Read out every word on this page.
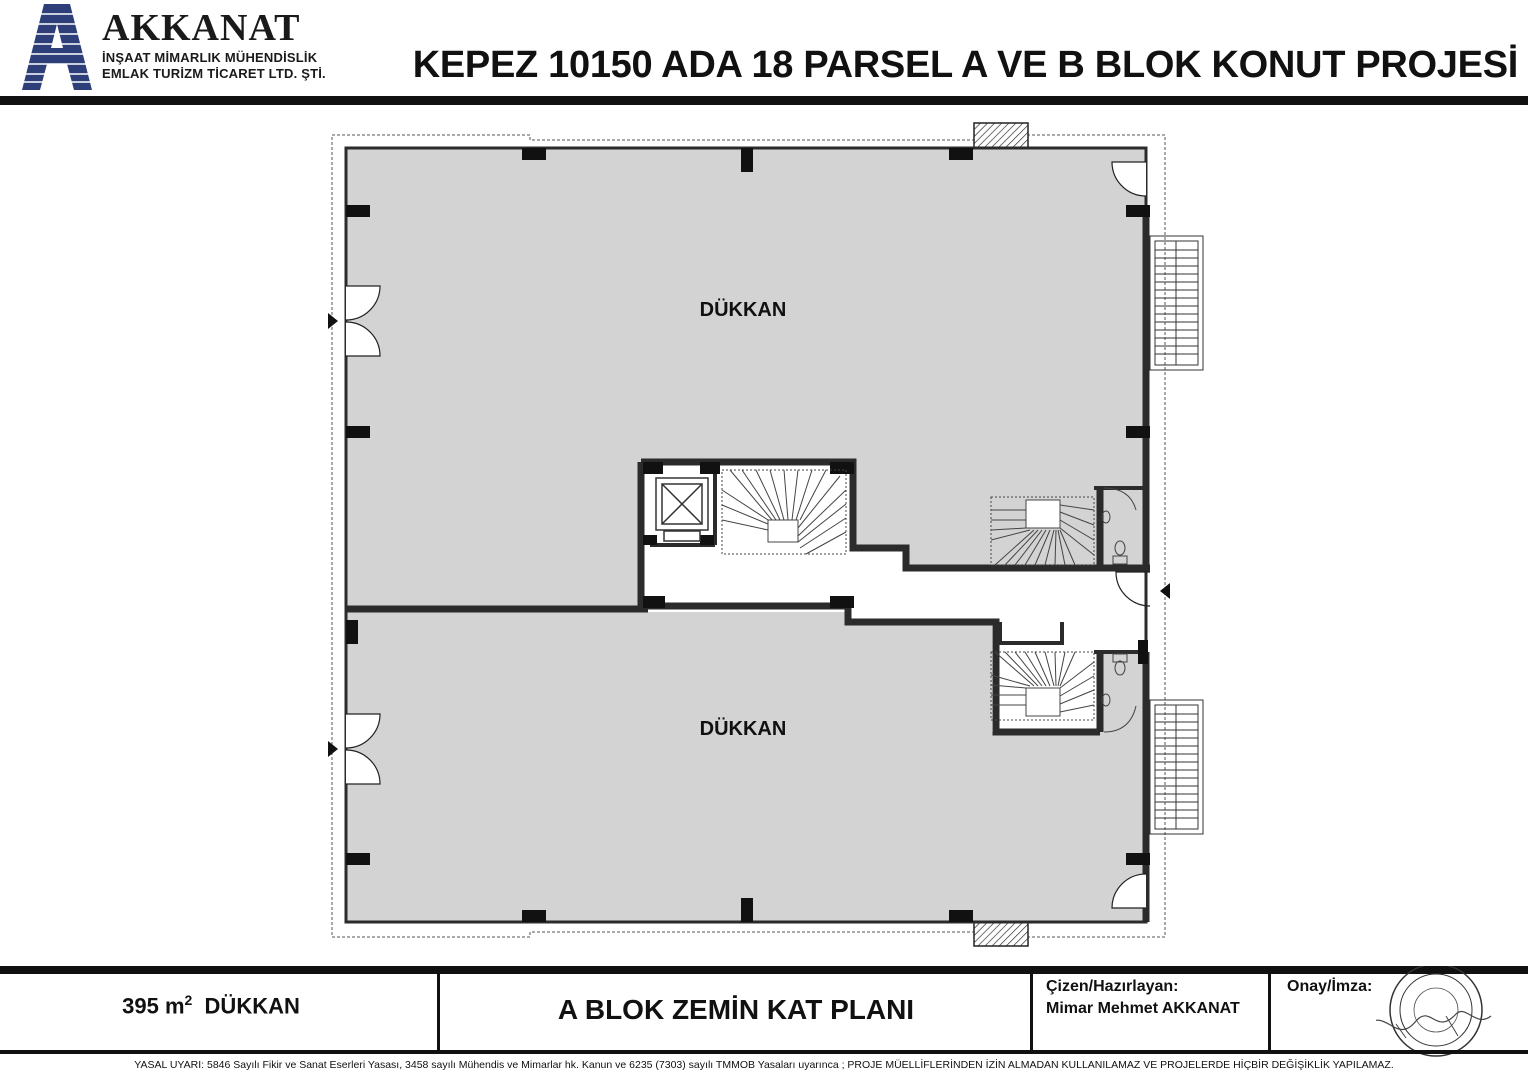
AKKANAT
İNŞAAT MİMARLIK MÜHENDİSLİK
EMLAK TURİZM TİCARET LTD. ŞTİ. KEPEZ 10150 ADA 18 PARSEL A VE B BLOK KONUT PROJESİ
DÜKKAN
DÜKKAN
395 $m^2$ DÜKKAN	A BLOK ZEMİN KAT PLANI
Çizen/Hazırlayan:
Mimar Mehmet AKKANAT
Onay/İmza:
YASAL UYARI: 5846 Sayılı Fikir ve Sanat Eserleri Yasası, 3458 sayılı Mühendis ve Mimarlar hk. Kanun ve 6235 (7303) sayılı TMMOB Yasaları uyarınca ; PROJE MÜELLİFLERİNDEN İZİN ALMADAN KULLANILAMAZ VE PROJELERDE HİÇBİR DEĞİŞİKLİK YAPILAMAZ.
